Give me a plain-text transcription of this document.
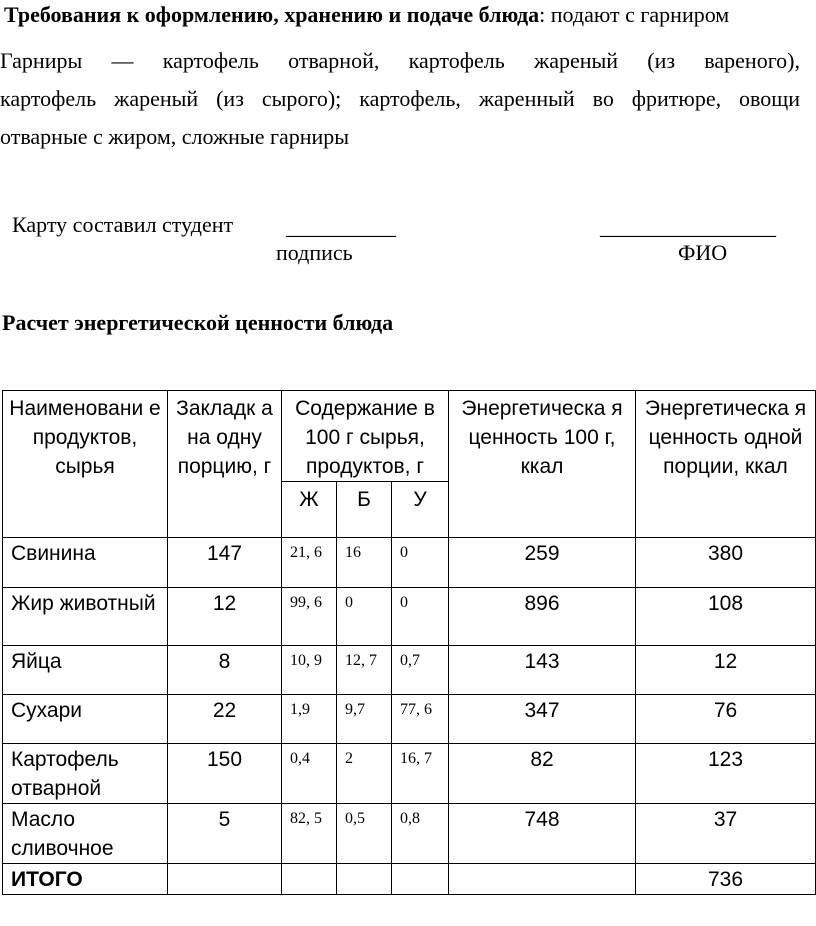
Требования к оформлению, хранению и подаче блюда: подают с гарниром
Гарниры — картофель отварной, картофель жареный (из вареного),
картофель жареный (из сырого); картофель, жаренный во фритюре, овощи
отварные с жиром, сложные гарниры
Карту составил студент __________	________________
подпись	ФИО
Расчет энергетической ценности блюда
Наименовани е продуктов, сырья	Закладк а на одну порцию, г	Содержание в 100 г сырья, продуктов, г			Энергетическа я ценность 100 г, ккал	Энергетическа я ценность одной порции, ккал
		Ж	Б	У		
Свинина	147	21, 6	16	0	259	380
Жир животный	12	99, 6	0	0	896	108
Яйца	8	10, 9	12, 7	0,7	143	12
Сухари	22	1,9	9,7	77, 6	347	76
Картофель отварной	150	0,4	2	16, 7	82	123
Масло сливочное	5	82, 5	0,5	0,8	748	37
ИТОГО						736
